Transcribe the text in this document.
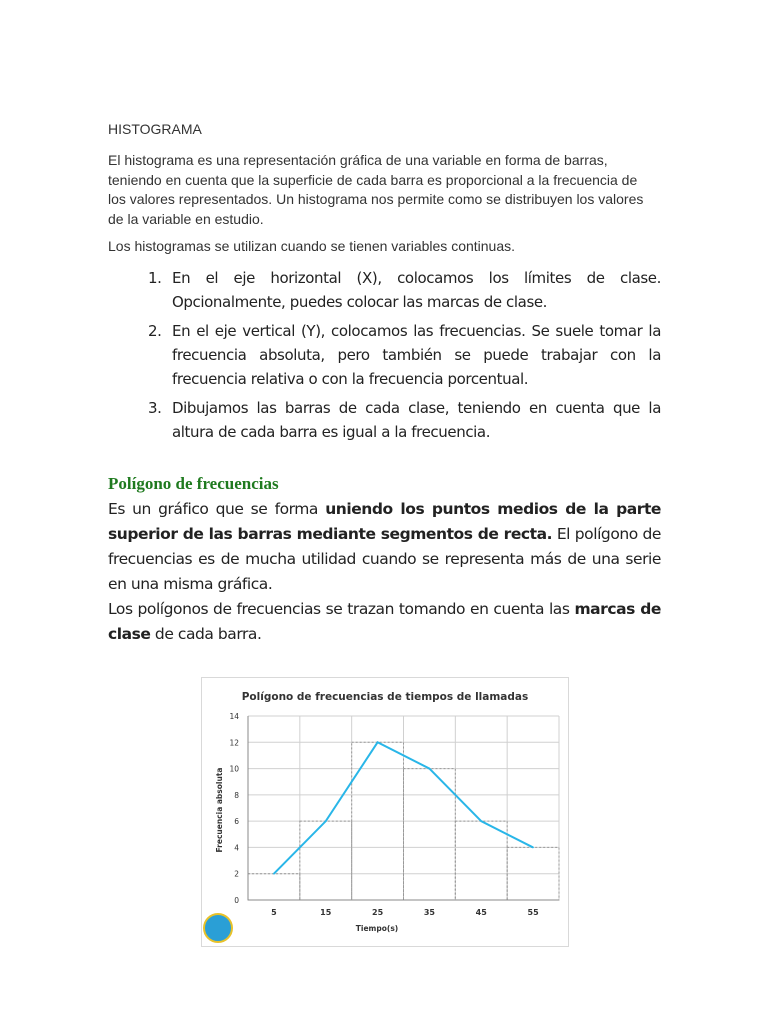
HISTOGRAMA

El histograma es una representación gráfica de una variable en forma de barras, teniendo en cuenta que la superficie de cada barra es proporcional a la frecuencia de los valores representados. Un histograma nos permite como se distribuyen los valores de la variable en estudio.

Los histogramas se utilizan cuando se tienen variables continuas.

1. En el eje horizontal (X), colocamos los límites de clase. Opcionalmente, puedes colocar las marcas de clase.
2. En el eje vertical (Y), colocamos las frecuencias. Se suele tomar la frecuencia absoluta, pero también se puede trabajar con la frecuencia relativa o con la frecuencia porcentual.
3. Dibujamos las barras de cada clase, teniendo en cuenta que la altura de cada barra es igual a la frecuencia.
Polígono de frecuencias

Es un gráfico que se forma uniendo los puntos medios de la parte superior de las barras mediante segmentos de recta. El polígono de frecuencias es de mucha utilidad cuando se representa más de una serie en una misma gráfica.
Los polígonos de frecuencias se trazan tomando en cuenta las marcas de clase de cada barra.

Polígono de frecuencias de tiempos de llamadas
Tiempo(s)
Frecuencia absoluta
0
2
4
6
8
10
12
14
5	15	25	35	45	55
